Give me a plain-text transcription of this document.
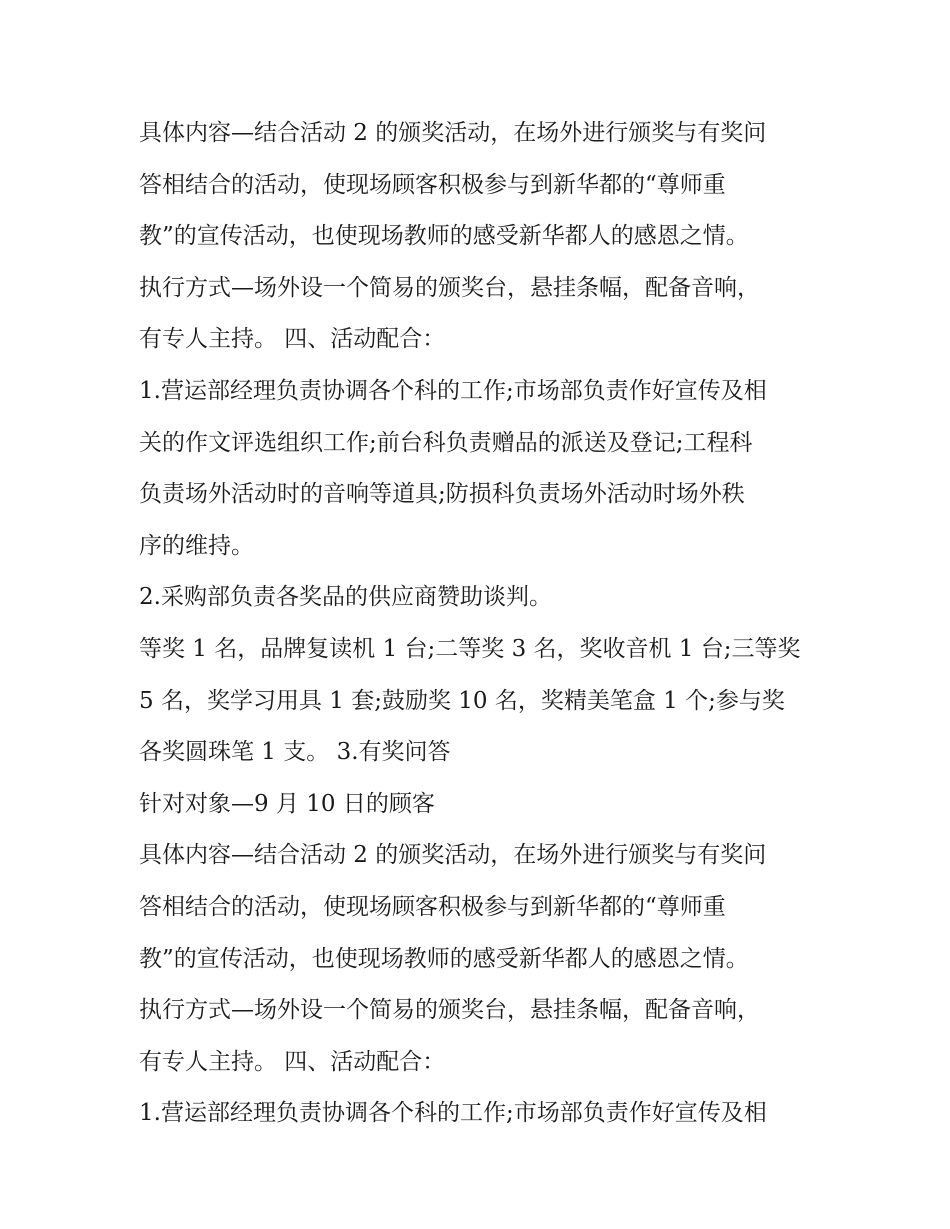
具体内容—结合活动 2 的颁奖活动，在场外进行颁奖与有奖问
答相结合的活动，使现场顾客积极参与到新华都的“尊师重
教”的宣传活动，也使现场教师的感受新华都人的感恩之情。
执行方式—场外设一个简易的颁奖台，悬挂条幅，配备音响，
有专人主持。 四、活动配合：
1.营运部经理负责协调各个科的工作;市场部负责作好宣传及相
关的作文评选组织工作;前台科负责赠品的派送及登记;工程科
负责场外活动时的音响等道具;防损科负责场外活动时场外秩
序的维持。
2.采购部负责各奖品的供应商赞助谈判。
等奖 1 名，品牌复读机 1 台;二等奖 3 名，奖收音机 1 台;三等奖
5 名，奖学习用具 1 套;鼓励奖 10 名，奖精美笔盒 1 个;参与奖
各奖圆珠笔 1 支。 3.有奖问答
针对对象—9 月 10 日的顾客
具体内容—结合活动 2 的颁奖活动，在场外进行颁奖与有奖问
答相结合的活动，使现场顾客积极参与到新华都的“尊师重
教”的宣传活动，也使现场教师的感受新华都人的感恩之情。
执行方式—场外设一个简易的颁奖台，悬挂条幅，配备音响，
有专人主持。 四、活动配合：
1.营运部经理负责协调各个科的工作;市场部负责作好宣传及相
